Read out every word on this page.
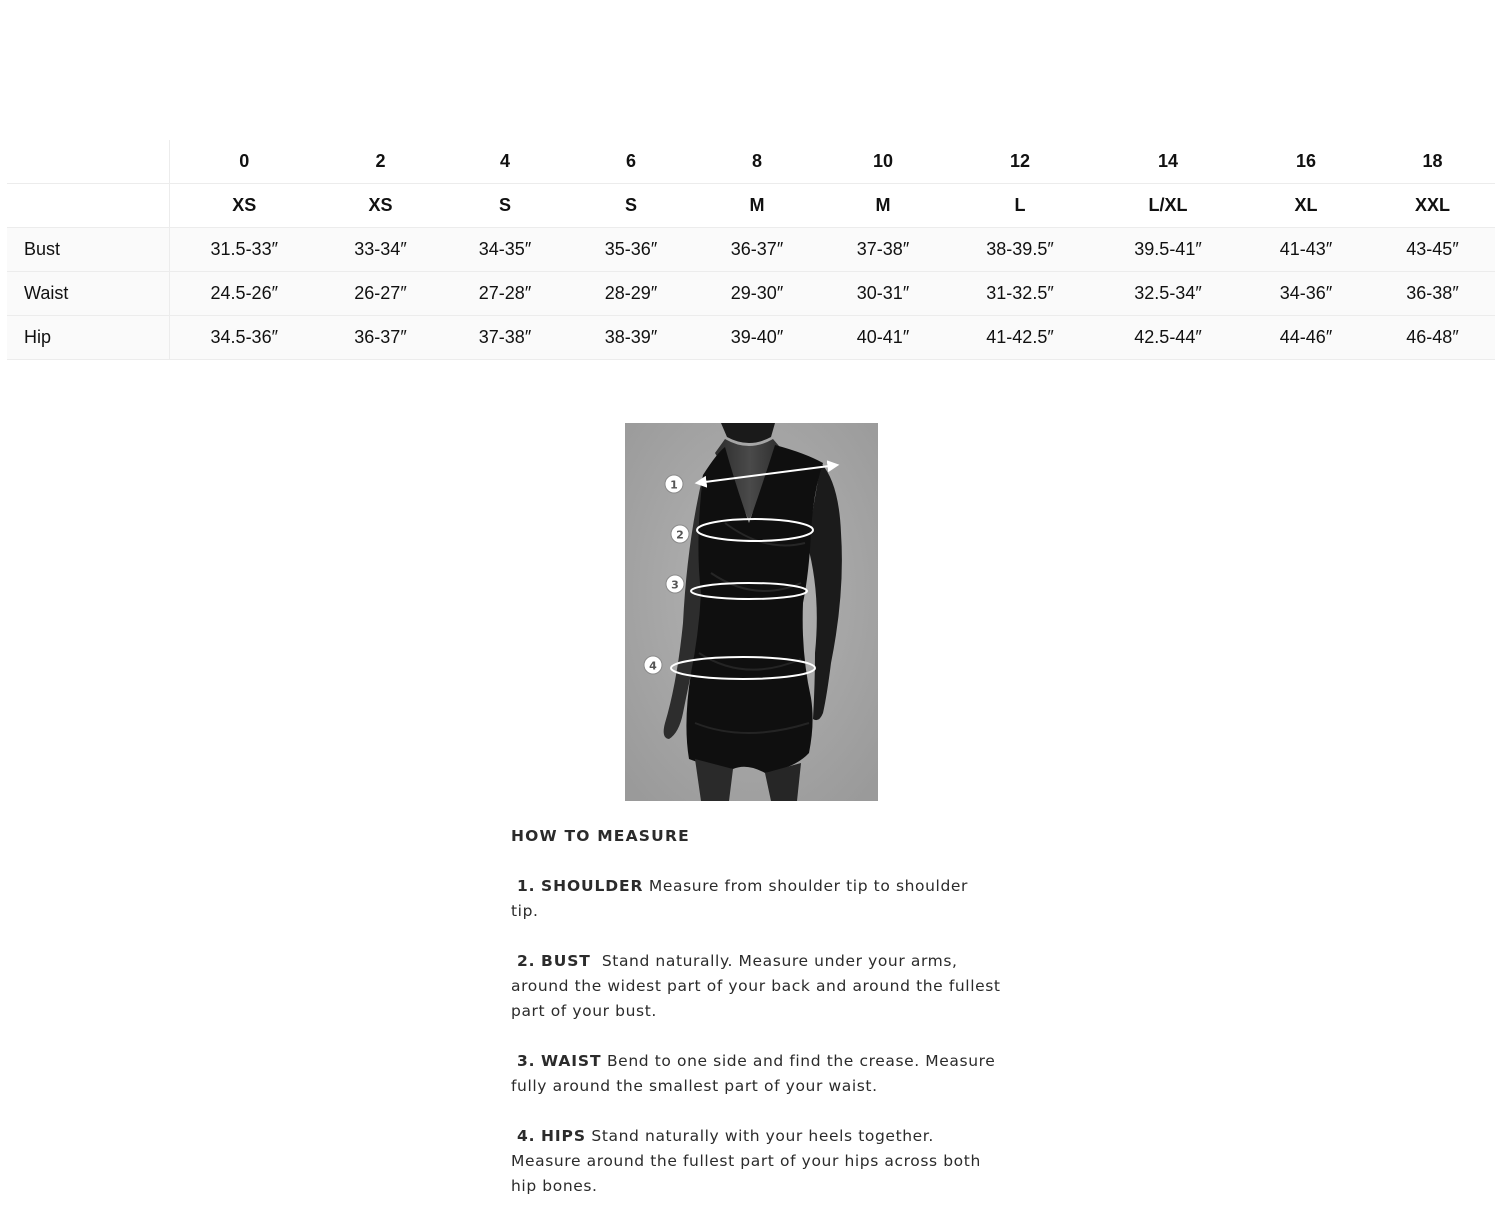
	0	2	4	6	8	10	12	14	16	18
	XS	XS	S	S	M	M	L	L/XL	XL	XXL
Bust	31.5-33″	33-34″	34-35″	35-36″	36-37″	37-38″	38-39.5″	39.5-41″	41-43″	43-45″
Waist	24.5-26″	26-27″	27-28″	28-29″	29-30″	30-31″	31-32.5″	32.5-34″	34-36″	36-38″
Hip	34.5-36″	36-37″	37-38″	38-39″	39-40″	40-41″	41-42.5″	42.5-44″	44-46″	46-48″
1
2
3
4
HOW TO MEASURE
1. SHOULDER Measure from shoulder tip to shoulder tip.
2. BUST Stand naturally. Measure under your arms, around the widest part of your back and around the fullest part of your bust.
3. WAIST Bend to one side and find the crease. Measure fully around the smallest part of your waist.
4. HIPS Stand naturally with your heels together. Measure around the fullest part of your hips across both hip bones.
